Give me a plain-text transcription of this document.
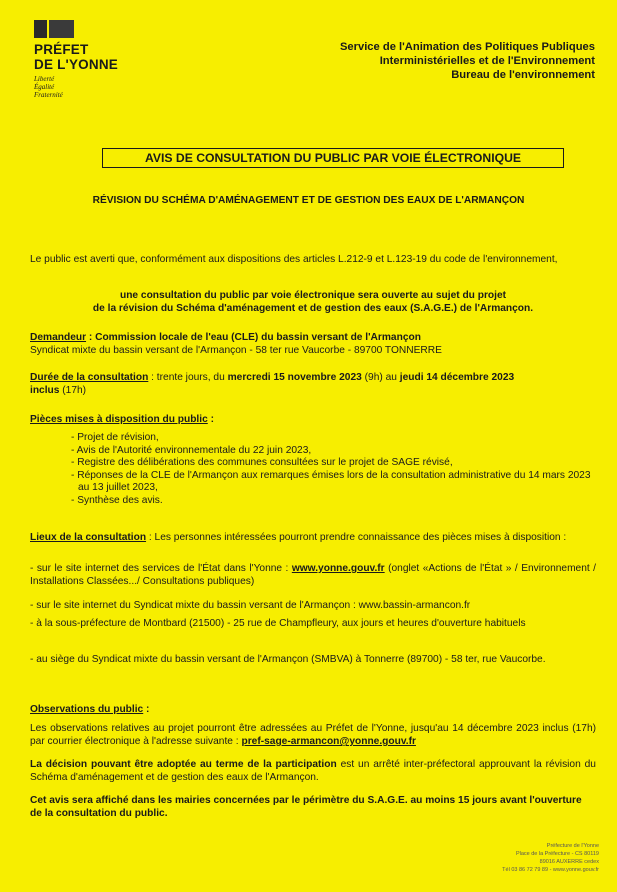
PRÉFET
DE L'YONNE
Liberté
Égalité
Fraternité
Service de l'Animation des Politiques Publiques
Interministérielles et de l'Environnement
Bureau de l'environnement
AVIS DE CONSULTATION DU PUBLIC PAR VOIE ÉLECTRONIQUE
RÉVISION DU SCHÉMA D'AMÉNAGEMENT ET DE GESTION DES EAUX DE L'ARMANÇON
Le public est averti que, conformément aux dispositions des articles L.212-9 et L.123-19 du code de l'environnement,
une consultation du public par voie électronique sera ouverte au sujet du projet
de la révision du Schéma d'aménagement et de gestion des eaux (S.A.G.E.) de l'Armançon.
Demandeur : Commission locale de l'eau (CLE) du bassin versant de l'Armançon
Syndicat mixte du bassin versant de l'Armançon - 58 ter rue Vaucorbe - 89700 TONNERRE
Durée de la consultation : trente jours, du mercredi 15 novembre 2023 (9h) au jeudi 14 décembre 2023
inclus (17h)
Pièces mises à disposition du public :
- Projet de révision,
- Avis de l'Autorité environnementale du 22 juin 2023,
- Registre des délibérations des communes consultées sur le projet de SAGE révisé,
- Réponses de la CLE de l'Armançon aux remarques émises lors de la consultation administrative du 14 mars 2023 au 13 juillet 2023,
- Synthèse des avis.
Lieux de la consultation : Les personnes intéressées pourront prendre connaissance des pièces mises à disposition :
- sur le site internet des services de l'État dans l'Yonne : www.yonne.gouv.fr (onglet «Actions de l'État » / Environnement / Installations Classées.../ Consultations publiques)
- sur le site internet du Syndicat mixte du bassin versant de l'Armançon : www.bassin-armancon.fr
- à la sous-préfecture de Montbard (21500) - 25 rue de Champfleury, aux jours et heures d'ouverture habituels
- au siège du Syndicat mixte du bassin versant de l'Armançon (SMBVA) à Tonnerre (89700) - 58 ter, rue Vaucorbe.
Observations du public :
Les observations relatives au projet pourront être adressées au Préfet de l'Yonne, jusqu'au 14 décembre 2023 inclus (17h) par courrier électronique à l'adresse suivante : pref-sage-armancon@yonne.gouv.fr
La décision pouvant être adoptée au terme de la participation est un arrêté inter-préfectoral approuvant la révision du Schéma d'aménagement et de gestion des eaux de l'Armançon.
Cet avis sera affiché dans les mairies concernées par le périmètre du S.A.G.E. au moins 15 jours avant l'ouverture de la consultation du public.
Préfecture de l'Yonne
Place de la Préfecture - CS 80119
89016 AUXERRE cedex
Tél 03 86 72 79 89 - www.yonne.gouv.fr
